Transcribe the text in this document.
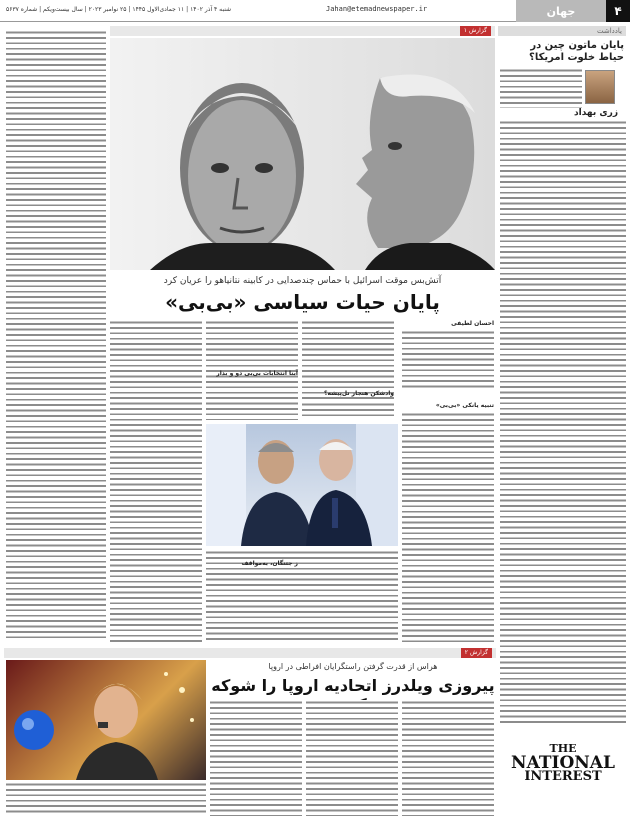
۴
جهان
Jahan@etemadnewspaper.ir
شنبه ۴ آذر ۱۴۰۲ | ۱۱ جمادی‌الاول ۱۴۴۵ | ۲۵ نوامبر ۲۰۲۳ | سال بیست‌ویکم | شماره ۵۶۳۷
یادداشت
پایان ماتون چین در حیاط خلوت امریکا؟
زری بهداد
گزارش ۱
آتش‌بس موقت اسرائیل با حماس چندصدایی در کابینه نتانیاهو را عریان کرد
پایان حیات سیاسی «بی‌بی»
احسان لطیفی
وادشکن هنجار تل‌پیشه؟
آبنا انتخابات بی‌بی دو و بدار
تنبیه یانکی «بی‌بی»
ز جتنگان، به‌مواقف
گزارش ۲
هراس از قدرت گرفتن راستگرایان افراطی در اروپا
پیروزی ویلدرز اتحادیه اروپا را شوکه
THE
NATIONAL
INTEREST
